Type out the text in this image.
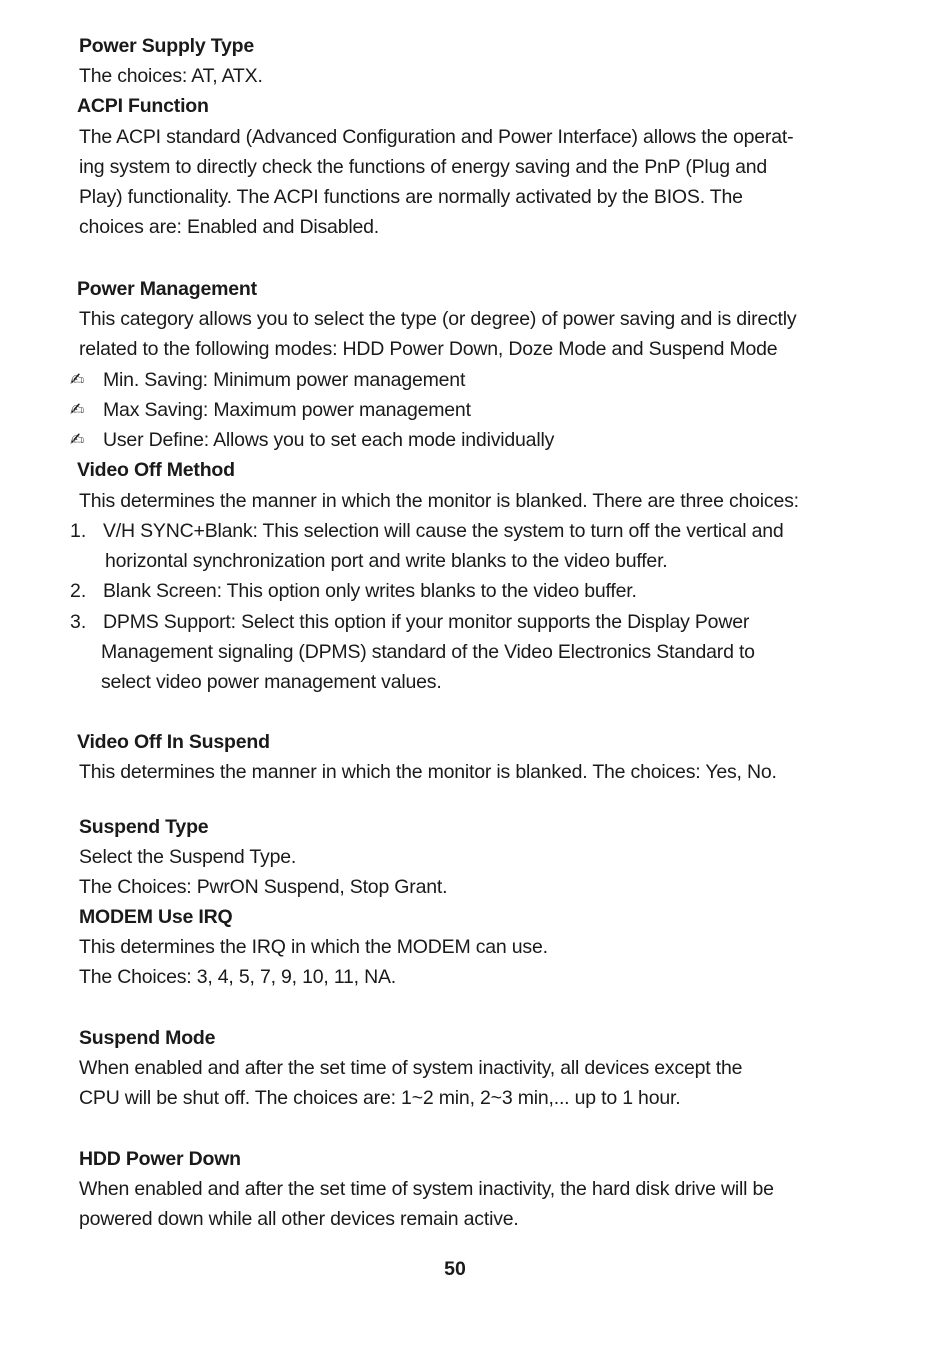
Power Supply Type
The choices: AT, ATX.
ACPI Function
The ACPI standard (Advanced Configuration and Power Interface) allows the operat-
ing system to directly check the functions of energy saving and the PnP (Plug and
Play) functionality. The ACPI functions are normally activated by the BIOS. The
choices are: Enabled and Disabled.
Power Management
This category allows you to select the type (or degree) of power saving and is directly
related to the following modes: HDD Power Down, Doze Mode and Suspend Mode
✍ Min. Saving: Minimum power management
✍ Max Saving: Maximum power management
✍ User Define: Allows you to set each mode individually
Video Off Method
This determines the manner in which the monitor is blanked. There are three choices:
1. V/H SYNC+Blank: This selection will cause the system to turn off the vertical and
horizontal synchronization port and write blanks to the video buffer.
2. Blank Screen: This option only writes blanks to the video buffer.
3. DPMS Support: Select this option if your monitor supports the Display Power
Management signaling (DPMS) standard of the Video Electronics Standard to
select video power management values.
Video Off In Suspend
This determines the manner in which the monitor is blanked. The choices: Yes, No.
Suspend Type
Select the Suspend Type.
The Choices: PwrON Suspend, Stop Grant.
MODEM Use IRQ
This determines the IRQ in which the MODEM can use.
The Choices: 3, 4, 5, 7, 9, 10, 11, NA.
Suspend Mode
When enabled and after the set time of system inactivity, all devices except the
CPU will be shut off. The choices are: 1~2 min, 2~3 min,... up to 1 hour.
HDD Power Down
When enabled and after the set time of system inactivity, the hard disk drive will be
powered down while all other devices remain active.
50
